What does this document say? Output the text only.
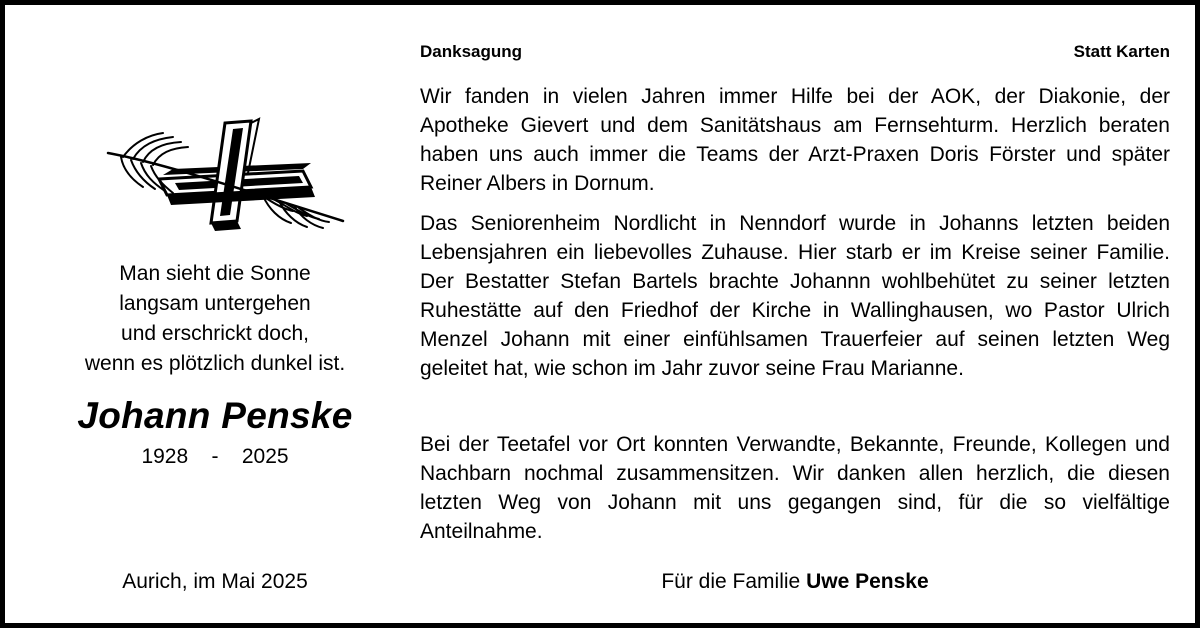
Man sieht die Sonne
langsam untergehen
und erschrickt doch,
wenn es plötzlich dunkel ist.
Johann Penske
1928 - 2025
Aurich, im Mai 2025
Danksagung	Statt Karten
Wir fanden in vielen Jahren immer Hilfe bei der AOK, der Diakonie, der Apotheke Gievert und dem Sanitätshaus am Fernsehturm. Herzlich beraten haben uns auch immer die Teams der Arzt-Praxen Doris Förster und später Reiner Albers in Dornum.
Das Seniorenheim Nordlicht in Nenndorf wurde in Johanns letzten beiden Lebensjahren ein liebevolles Zuhause. Hier starb er im Kreise seiner Familie. Der Bestatter Stefan Bartels brachte Johannn wohlbehütet zu seiner letzten Ruhestätte auf den Friedhof der Kirche in Wallinghausen, wo Pastor Ulrich Menzel Johann mit einer einfühlsamen Trauerfeier auf seinen letzten Weg geleitet hat, wie schon im Jahr zuvor seine Frau Marianne.
Bei der Teetafel vor Ort konnten Verwandte, Bekannte, Freunde, Kollegen und Nachbarn nochmal zusammensitzen. Wir danken allen herzlich, die diesen letzten Weg von Johann mit uns gegangen sind, für die so vielfältige Anteilnahme.
Für die Familie Uwe Penske
